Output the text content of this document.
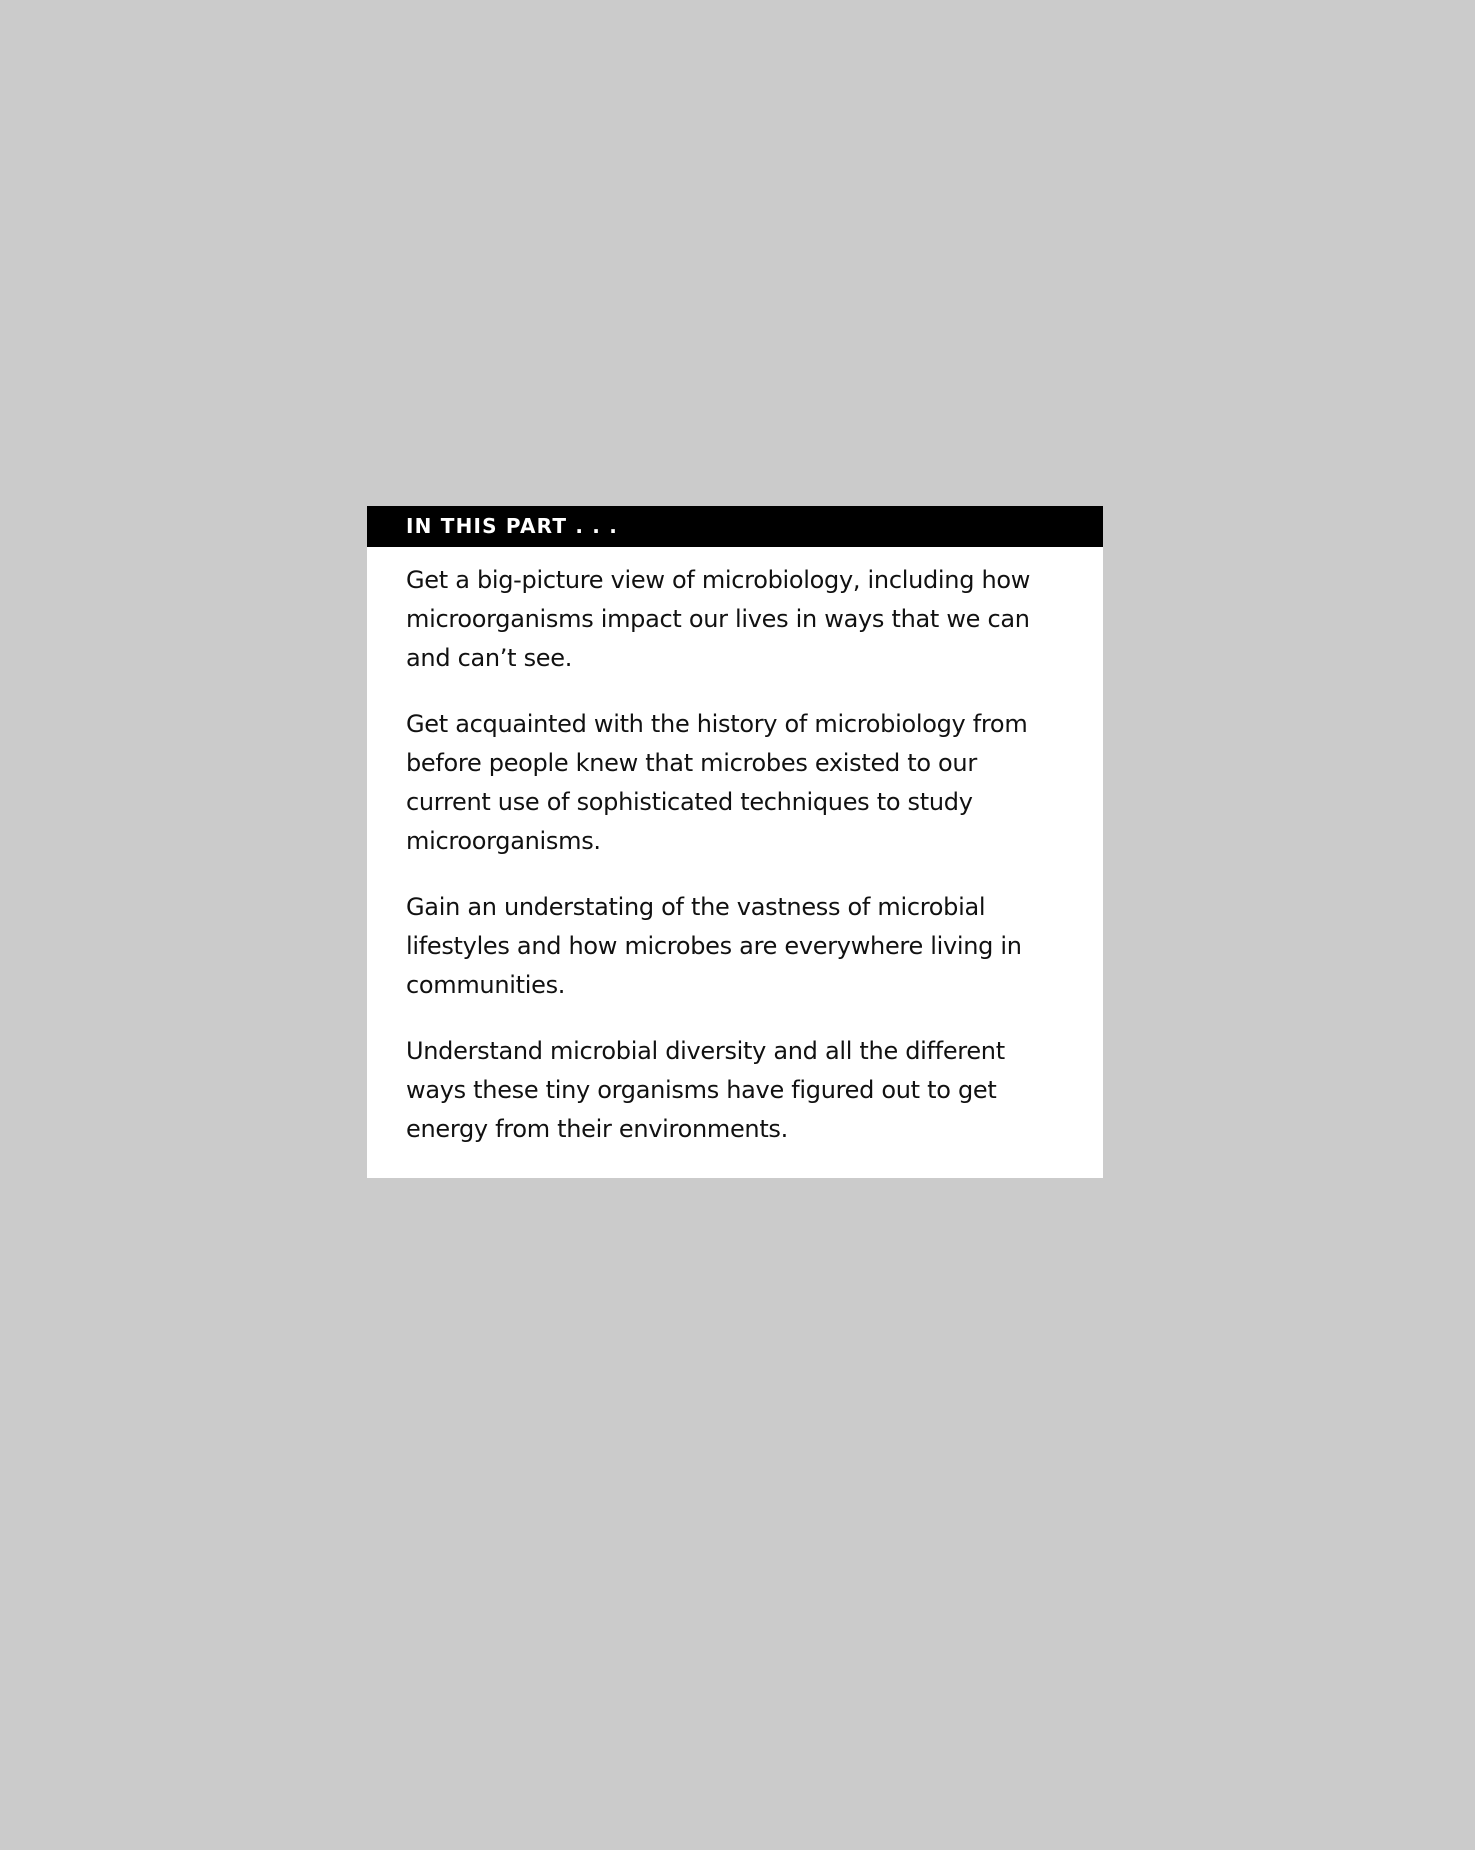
IN THIS PART . . .

Get a big-picture view of microbiology, including how microorganisms impact our lives in ways that we can and can’t see.

Get acquainted with the history of microbiology from before people knew that microbes existed to our current use of sophisticated techniques to study microorganisms.

Gain an understating of the vastness of microbial lifestyles and how microbes are everywhere living in communities.

Understand microbial diversity and all the different ways these tiny organisms have figured out to get energy from their environments.
